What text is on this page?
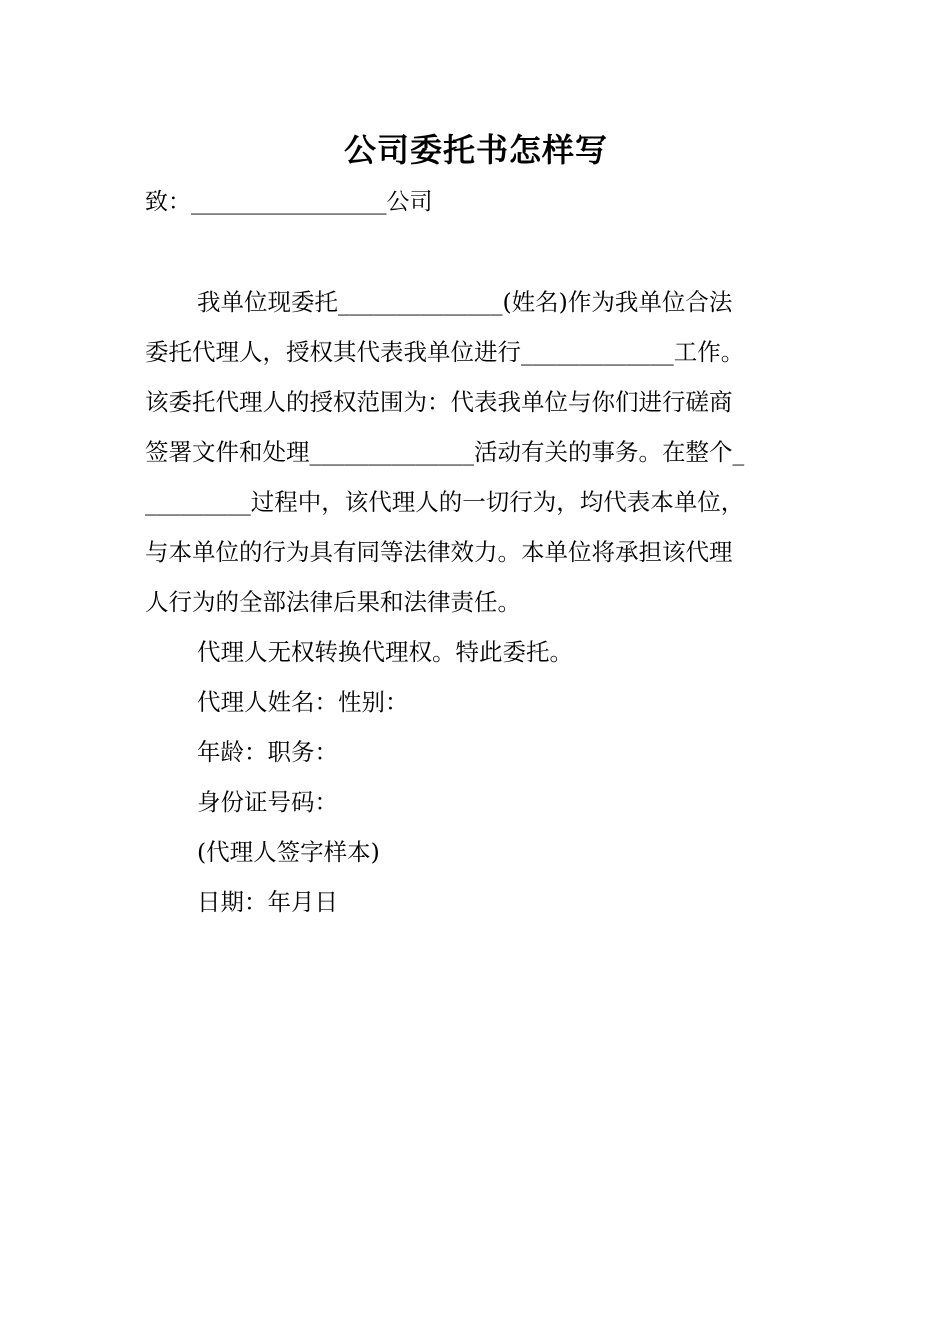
公司委托书怎样写
致：_________________公司
我单位现委托______________(姓名)作为我单位合法
委托代理人，授权其代表我单位进行_____________工作。
该委托代理人的授权范围为：代表我单位与你们进行磋商
签署文件和处理______________活动有关的事务。在整个_
_________过程中，该代理人的一切行为，均代表本单位，
与本单位的行为具有同等法律效力。本单位将承担该代理
人行为的全部法律后果和法律责任。
代理人无权转换代理权。特此委托。
代理人姓名：性别：
年龄：职务：
身份证号码：
(代理人签字样本)
日期：年月日
